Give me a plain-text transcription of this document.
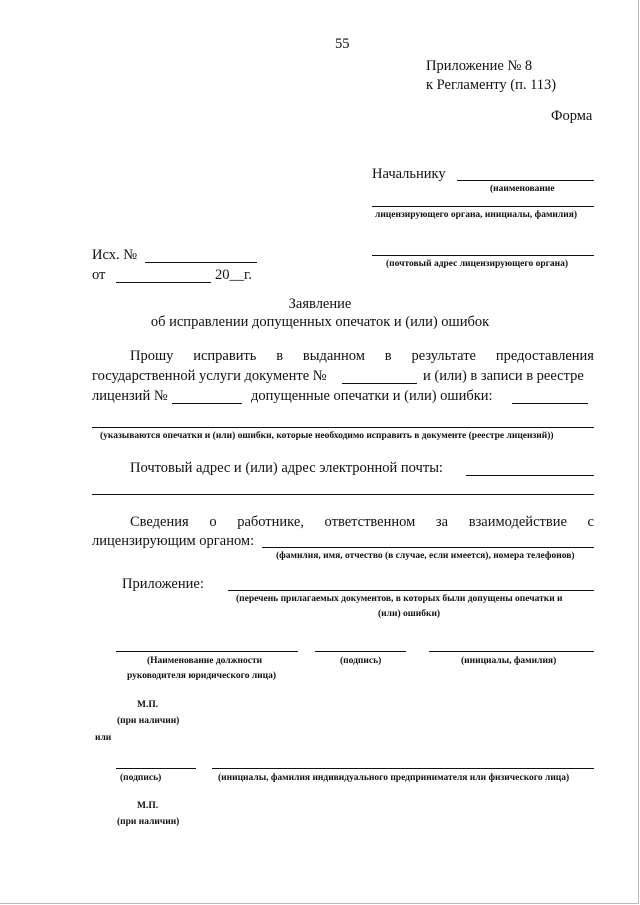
55
Приложение № 8
к Регламенту (п. 113)
Форма
Начальнику
(наименование
лицензирующего органа, инициалы, фамилия)
(почтовый адрес лицензирующего органа)
Исх. №
от	20__г.
Заявление
об исправлении допущенных опечаток и (или) ошибок
Прошу исправить в выданном в результате предоставления
государственной услуги документе №	и (или) в записи в реестре
лицензий №	допущенные опечатки и (или) ошибки:
(указываются опечатки и (или) ошибки, которые необходимо исправить в документе (реестре лицензий))
Почтовый адрес и (или) адрес электронной почты:
Сведения о работнике, ответственном за взаимодействие с
лицензирующим органом:
(фамилия, имя, отчество (в случае, если имеется), номера телефонов)
Приложение:
(перечень прилагаемых документов, в которых были допущены опечатки и
(или) ошибки)
(Наименование должности
руководителя юридического лица)
(подпись)	(инициалы, фамилия)
М.П.
(при наличии)
или
(подпись)	(инициалы, фамилия индивидуального предпринимателя или физического лица)
М.П.
(при наличии)
